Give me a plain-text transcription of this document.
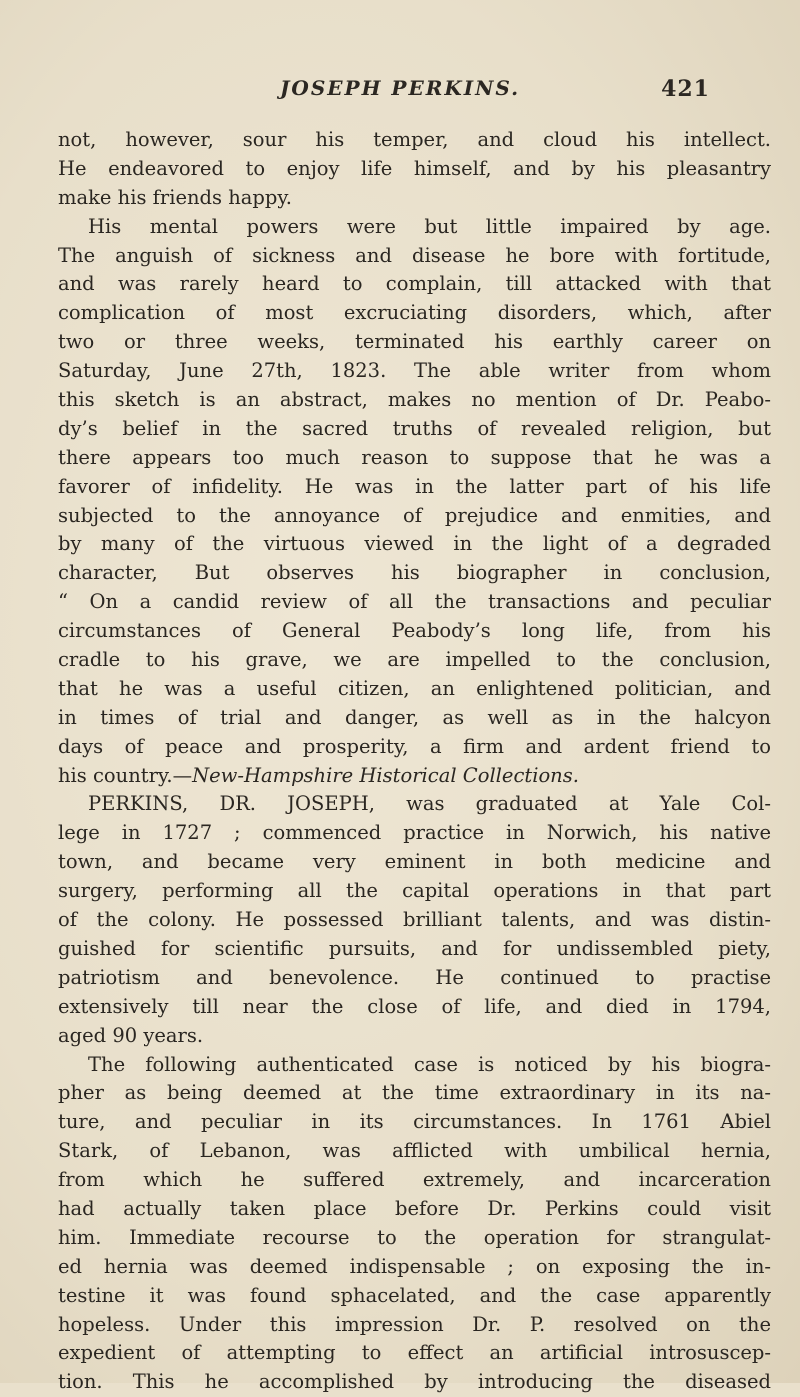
JOSEPH PERKINS.	421
not, however, sour his temper, and cloud his intellect.
He endeavored to enjoy life himself, and by his pleasantry
make his friends happy.
His mental powers were but little impaired by age.
The anguish of sickness and disease he bore with fortitude,
and was rarely heard to complain, till attacked with that
complication of most excruciating disorders, which, after
two or three weeks, terminated his earthly career on
Saturday, June 27th, 1823. The able writer from whom
this sketch is an abstract, makes no mention of Dr. Peabo-
dy’s belief in the sacred truths of revealed religion, but
there appears too much reason to suppose that he was a
favorer of infidelity. He was in the latter part of his life
subjected to the annoyance of prejudice and enmities, and
by many of the virtuous viewed in the light of a degraded
character, But observes his biographer in conclusion,
“ On a candid review of all the transactions and peculiar
circumstances of General Peabody’s long life, from his
cradle to his grave, we are impelled to the conclusion,
that he was a useful citizen, an enlightened politician, and
in times of trial and danger, as well as in the halcyon
days of peace and prosperity, a firm and ardent friend to
his country.—New-Hampshire Historical Collections.
PERKINS, DR. JOSEPH, was graduated at Yale Col-
lege in 1727 ; commenced practice in Norwich, his native
town, and became very eminent in both medicine and
surgery, performing all the capital operations in that part
of the colony. He possessed brilliant talents, and was distin-
guished for scientific pursuits, and for undissembled piety,
patriotism and benevolence. He continued to practise
extensively till near the close of life, and died in 1794,
aged 90 years.
The following authenticated case is noticed by his biogra-
pher as being deemed at the time extraordinary in its na-
ture, and peculiar in its circumstances. In 1761 Abiel
Stark, of Lebanon, was afflicted with umbilical hernia,
from which he suffered extremely, and incarceration
had actually taken place before Dr. Perkins could visit
him. Immediate recourse to the operation for strangulat-
ed hernia was deemed indispensable ; on exposing the in-
testine it was found sphacelated, and the case apparently
hopeless. Under this impression Dr. P. resolved on the
expedient of attempting to effect an artificial introsuscep-
tion. This he accomplished by introducing the diseased
